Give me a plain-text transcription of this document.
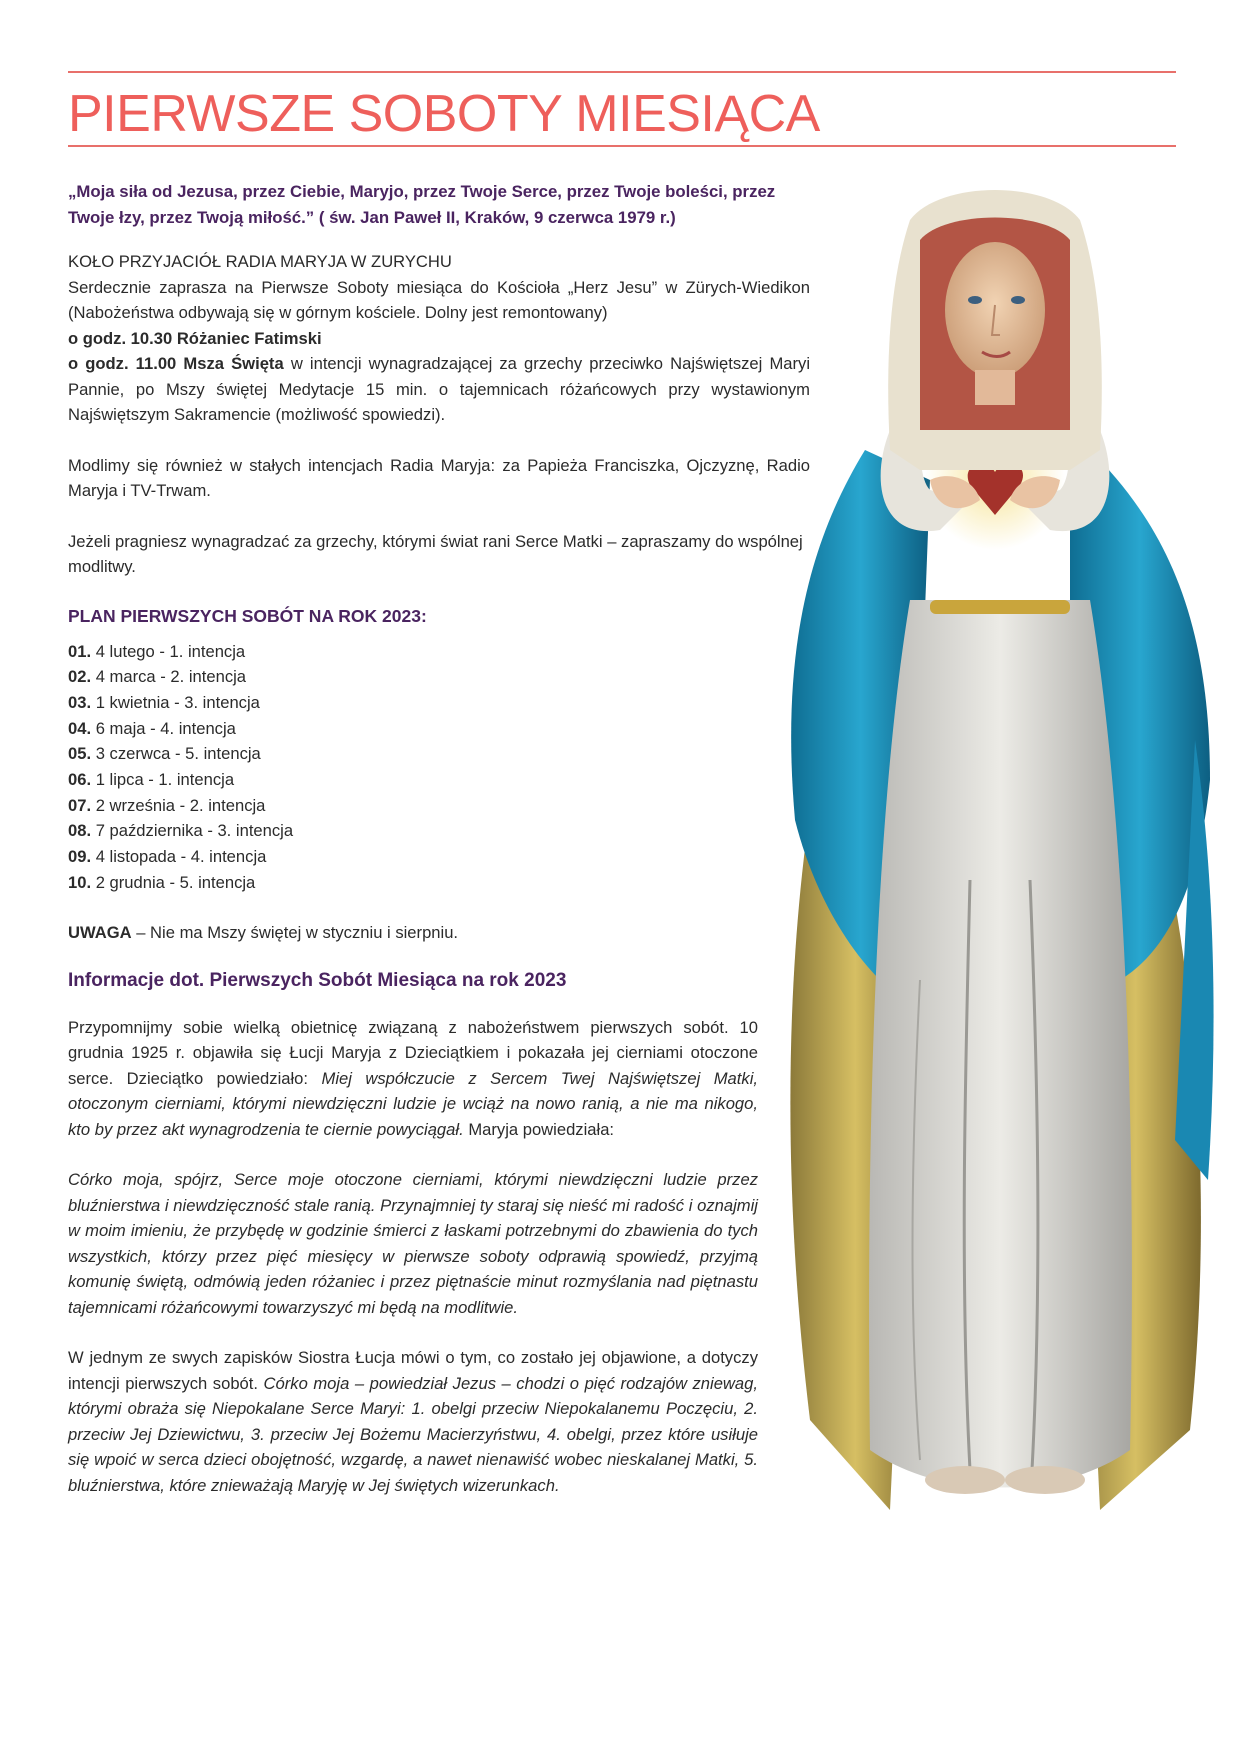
PIERWSZE SOBOTY MIESIĄCA
„Moja siła od Jezusa, przez Ciebie, Maryjo, przez Twoje Serce, przez Twoje boleści, przez
Twoje łzy, przez Twoją miłość.” ( św. Jan Paweł II, Kraków, 9 czerwca 1979 r.)

KOŁO PRZYJACIÓŁ RADIA MARYJA W ZURYCHU

Serdecznie zaprasza na Pierwsze Soboty miesiąca do Kościoła „Herz Jesu” w Zürych-Wiedikon (Nabożeństwa odbywają się w górnym kościele. Dolny jest remontowany)

o godz. 10.30 Różaniec Fatimski

o godz. 11.00 Msza Święta w intencji wynagradzającej za grzechy przeciwko Najświętszej Maryi Pannie, po Mszy świętej Medytacje 15 min. o tajemnicach różańcowych przy wystawionym Najświętszym Sakramencie (możliwość spowiedzi).

Modlimy się również w stałych intencjach Radia Maryja: za Papieża Franciszka, Ojczyznę, Radio Maryja i TV-Trwam.

Jeżeli pragniesz wynagradzać za grzechy, którymi świat rani Serce Matki – zapraszamy do wspólnej modlitwy.

PLAN PIERWSZYCH SOBÓT NA ROK 2023:

01. 4 lutego - 1. intencja
02. 4 marca - 2. intencja
03. 1 kwietnia - 3. intencja
04. 6 maja - 4. intencja
05. 3 czerwca - 5. intencja
06. 1 lipca - 1. intencja
07. 2 września - 2. intencja
08. 7 października - 3. intencja
09. 4 listopada - 4. intencja
10. 2 grudnia - 5. intencja

UWAGA – Nie ma Mszy świętej w styczniu i sierpniu.

Informacje dot. Pierwszych Sobót Miesiąca na rok 2023

Przypomnijmy sobie wielką obietnicę związaną z nabożeństwem pierwszych sobót. 10 grudnia 1925 r. objawiła się Łucji Maryja z Dzieciątkiem i pokazała jej cierniami otoczone serce. Dzieciątko powiedziało: Miej współczucie z Sercem Twej Najświętszej Matki, otoczonym cierniami, którymi niewdzięczni ludzie je wciąż na nowo ranią, a nie ma nikogo, kto by przez akt wynagrodzenia te ciernie powyciągał. Maryja powiedziała:

Córko moja, spójrz, Serce moje otoczone cierniami, którymi niewdzięczni ludzie przez bluźnierstwa i niewdzięczność stale ranią. Przynajmniej ty staraj się nieść mi radość i oznajmij w moim imieniu, że przybędę w godzinie śmierci z łaskami potrzebnymi do zbawienia do tych wszystkich, którzy przez pięć miesięcy w pierwsze soboty odprawią spowiedź, przyjmą komunię świętą, odmówią jeden różaniec i przez piętnaście minut rozmyślania nad piętnastu tajemnicami różańcowymi towarzyszyć mi będą na modlitwie.

W jednym ze swych zapisków Siostra Łucja mówi o tym, co zostało jej objawione, a dotyczy intencji pierwszych sobót. Córko moja – powiedział Jezus – chodzi o pięć rodzajów zniewag, którymi obraża się Niepokalane Serce Maryi: 1. obelgi przeciw Niepokalanemu Poczęciu, 2. przeciw Jej Dziewictwu, 3. przeciw Jej Bożemu Macierzyństwu, 4. obelgi, przez które usiłuje się wpoić w serca dzieci obojętność, wzgardę, a nawet nienawiść wobec nieskalanej Matki, 5. bluźnierstwa, które znieważają Maryję w Jej świętych wizerunkach.
